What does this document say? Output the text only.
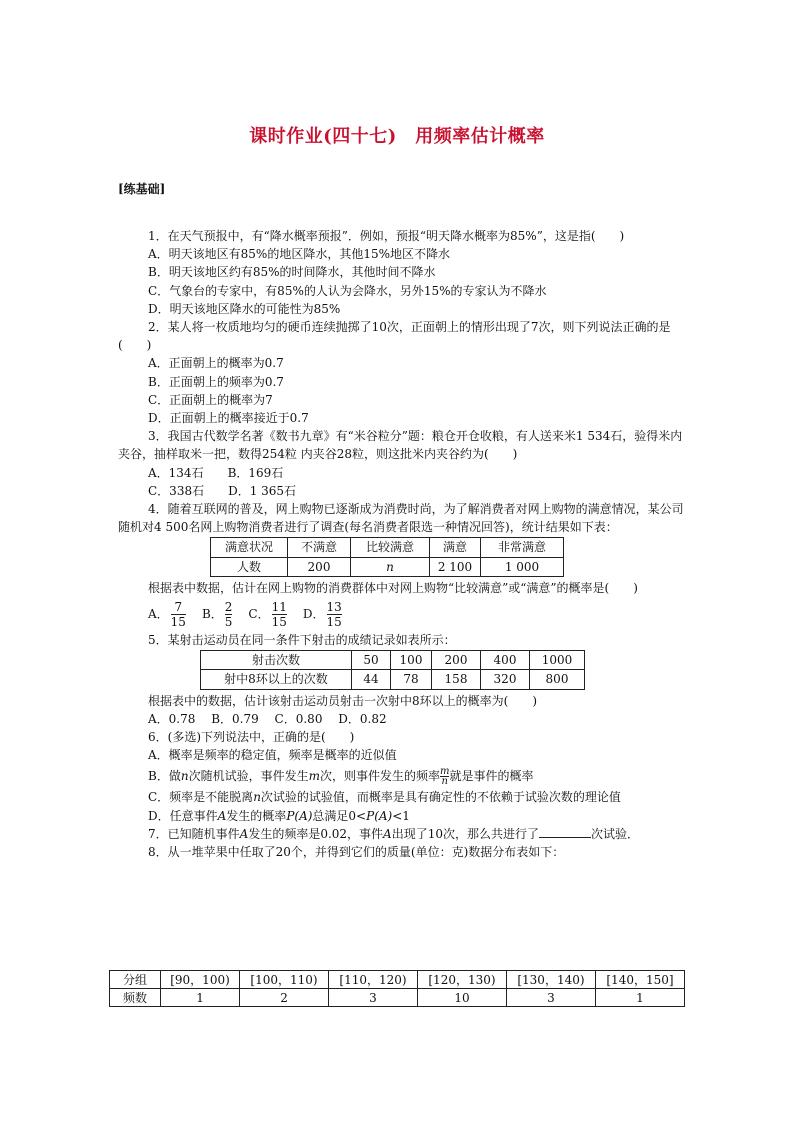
课时作业(四十七)　用频率估计概率
[练基础]

1．在天气预报中，有“降水概率预报”．例如，预报“明天降水概率为85%”，这是指(　　)

A．明天该地区有85%的地区降水，其他15%地区不降水

B．明天该地区约有85%的时间降水，其他时间不降水

C．气象台的专家中，有85%的人认为会降水，另外15%的专家认为不降水

D．明天该地区降水的可能性为85%

2．某人将一枚质地均匀的硬币连续抛掷了10次，正面朝上的情形出现了7次，则下列说法正确的是(　　)

A．正面朝上的概率为0.7

B．正面朝上的频率为0.7

C．正面朝上的概率为7

D．正面朝上的概率接近于0.7

3．我国古代数学名著《数书九章》有“米谷粒分”题：粮仓开仓收粮，有人送来米1 534石，验得米内夹谷，抽样取米一把，数得254粒 内夹谷28粒，则这批米内夹谷约为(　　)

A．134石　　B．169石

C．338石　　D．1 365石

4．随着互联网的普及，网上购物已逐渐成为消费时尚，为了解消费者对网上购物的满意情况，某公司随机对4 500名网上购物消费者进行了调查(每名消费者限选一种情况回答)，统计结果如下表：

满意状况	不满意	比较满意	满意	非常满意
人数	200	n	2 100	1 000

根据表中数据，估计在网上购物的消费群体中对网上购物“比较满意”或“满意”的概率是(　　)

A． $\frac{7}{15}$ B． $\frac{2}{5}$ C． $\frac{11}{15}$ D． $\frac{13}{15}$

5．某射击运动员在同一条件下射击的成绩记录如表所示：

射击次数	50	100	200	400	1000
射中8环以上的次数	44	78	158	320	800

根据表中的数据，估计该射击运动员射击一次射中8环以上的概率为(　　)

A．0.78　 B．0.79　 C．0.80　 D．0.82

6．(多选)下列说法中，正确的是(　　)

A．概率是频率的稳定值，频率是概率的近似值

B．做n次随机试验，事件发生m次，则事件发生的频率 $\frac{m}{n}$ 就是事件的概率

C．频率是不能脱离n次试验的试验值，而概率是具有确定性的不依赖于试验次数的理论值

D．任意事件A发生的概率P(A)总满足0<P(A)<1

7．已知随机事件A发生的频率是0.02，事件A出现了10次，那么共进行了	次试验．

8．从一堆苹果中任取了20个，并得到它们的质量(单位：克)数据分布表如下：

分组	[90，100)	[100，110)	[110，120)	[120，130)	[130，140)	[140，150]
频数	1	2	3	10	3	1
